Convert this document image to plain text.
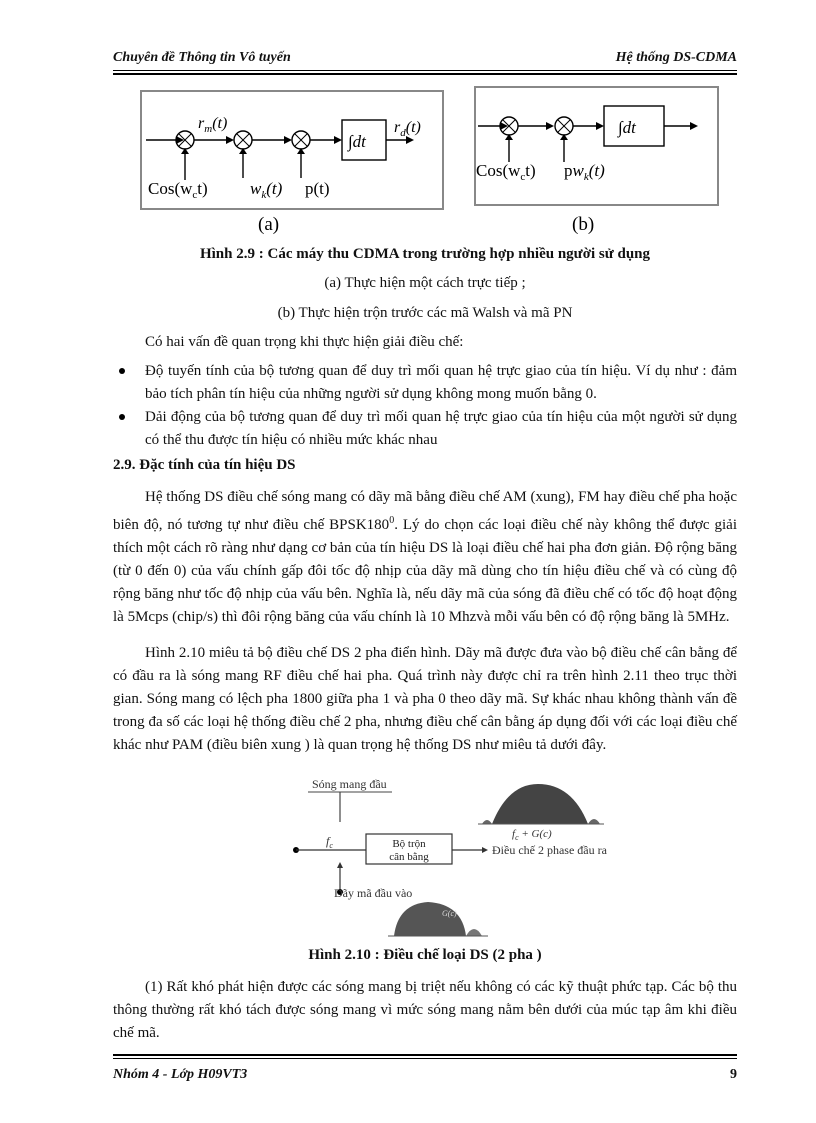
Chuyên đề Thông tin Vô tuyến	Hệ thống DS-CDMA
∫dt
$r_m(t)$	$r_d(t)$
$Cos(w_ct)$ $w_k(t)$ p(t)
(a)
∫dt
$Cos(w_ct)$ $pw_k(t)$
(b)
Hình 2.9 : Các máy thu CDMA trong trường hợp nhiều người sử dụng
(a) Thực hiện một cách trực tiếp ;
(b) Thực hiện trộn trước các mã Walsh và mã PN
Có hai vấn đề quan trọng khi thực hiện giải điều chế:
Độ tuyến tính của bộ tương quan để duy trì mối quan hệ trực giao của tín hiệu. Ví dụ như : đảm bảo tích phân tín hiệu của những người sử dụng không mong muốn bằng 0.
Dải động của bộ tương quan để duy trì mối quan hệ trực giao của tín hiệu của một người sử dụng có thể thu được tín hiệu có nhiều mức khác nhau
2.9. Đặc tính của tín hiệu DS
Hệ thống DS điều chế sóng mang có dãy mã bằng điều chế AM (xung), FM hay điều chế pha hoặc biên độ, nó tương tự như điều chế $BPSK180^0$. Lý do chọn các loại điều chế này không thể được giải thích một cách rõ ràng như dạng cơ bản của tín hiệu DS là loại điều chế hai pha đơn giản. Độ rộng băng (từ 0 đến 0) của vấu chính gấp đôi tốc độ nhịp của dãy mã dùng cho tín hiệu điều chế và có cùng độ rộng băng như tốc độ nhịp của vấu bên. Nghĩa là, nếu dãy mã của sóng đã điều chế có tốc độ hoạt động là 5Mcps (chip/s) thì đôi rộng băng của vấu chính là 10 Mhzvà mỗi vấu bên có độ rộng băng là 5MHz.
Hình 2.10 miêu tả bộ điều chế DS 2 pha điển hình. Dãy mã được đưa vào bộ điều chế cân bằng để có đầu ra là sóng mang RF điều chế hai pha. Quá trình này được chỉ ra trên hình 2.11 theo trục thời gian. Sóng mang có lệch pha 1800 giữa pha 1 và pha 0 theo dãy mã. Sự khác nhau không thành vấn đề trong đa số các loại hệ thống điều chế 2 pha, nhưng điều chế cân bằng áp dụng đối với các loại điều chế khác như PAM (điều biên xung ) là quan trọng hệ thống DS như miêu tả dưới đây.
Sóng mang đầu
$f_c + G(c)$
$f_c$	Bộ trộn
cân bằng	Điều chế 2 phase đầu ra
Dãy mã đầu vào
G(c)
Hình 2.10 : Điều chế loại DS (2 pha )
(1) Rất khó phát hiện được các sóng mang bị triệt nếu không có các kỹ thuật phức tạp. Các bộ thu thông thường rất khó tách được sóng mang vì mức sóng mang nằm bên dưới của múc tạp âm khi điều chế mã.
Nhóm 4 - Lớp H09VT3	9
